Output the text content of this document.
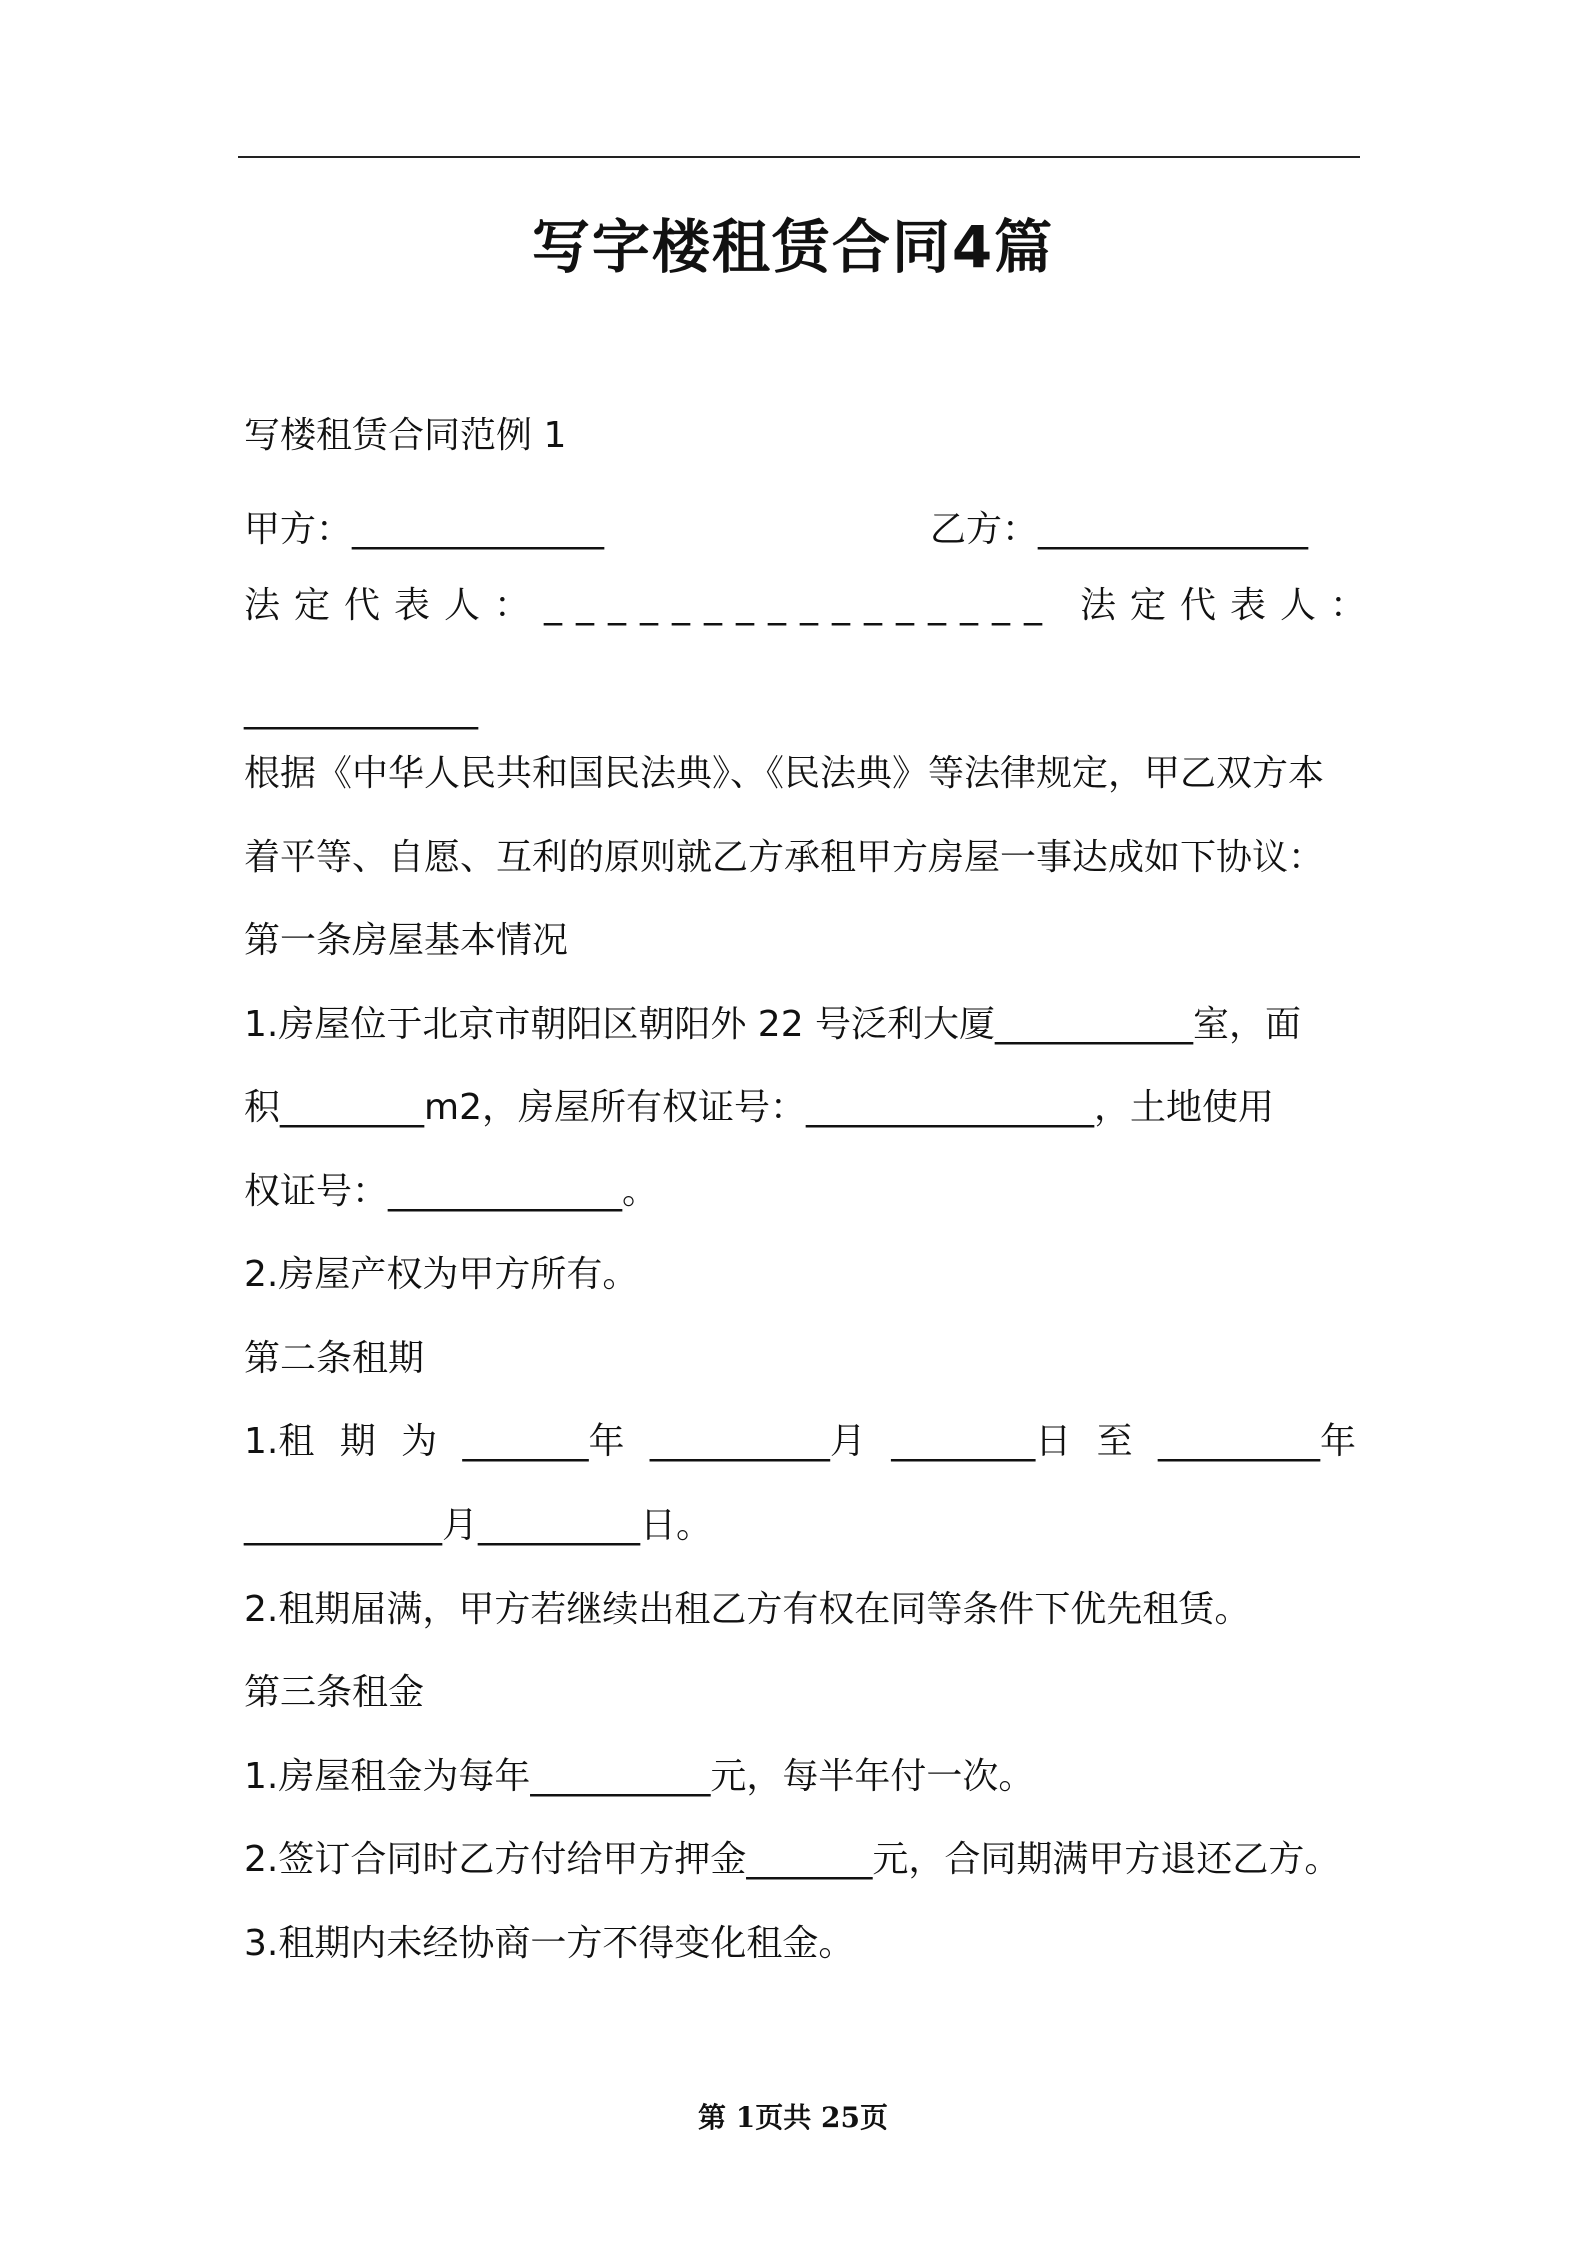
写字楼租赁合同4篇
写楼租赁合同范例 1
甲方：______________	乙方：_______________
法定代表人：________________ 法定代表人：
_____________
根据《中华人民共和国民法典》、《民法典》等法律规定，甲乙双方本
着平等、自愿、互利的原则就乙方承租甲方房屋一事达成如下协议：
第一条房屋基本情况
1.房屋位于北京市朝阳区朝阳外 22 号泛利大厦___________室，面
积________m2，房屋所有权证号：________________，土地使用
权证号：_____________。
2.房屋产权为甲方所有。
第二条租期
1.租 期 为 _______年 __________月 ________日 至 _________年
___________月_________日。
2.租期届满，甲方若继续出租乙方有权在同等条件下优先租赁。
第三条租金
1.房屋租金为每年__________元，每半年付一次。
2.签订合同时乙方付给甲方押金_______元，合同期满甲方退还乙方。
3.租期内未经协商一方不得变化租金。
第 1页共 25页
